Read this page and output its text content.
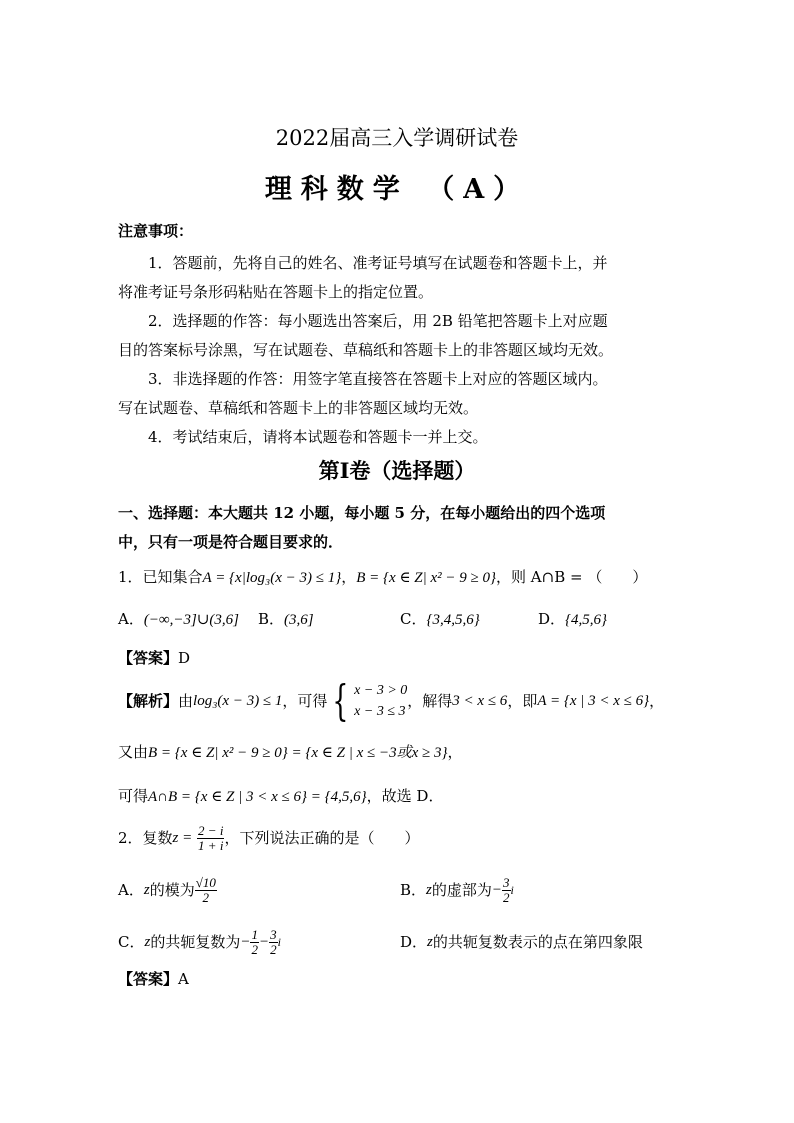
2022届高三入学调研试卷
理科数学 （A）
注意事项：
1．答题前，先将自己的姓名、准考证号填写在试题卷和答题卡上，并
将准考证号条形码粘贴在答题卡上的指定位置。
2．选择题的作答：每小题选出答案后，用 2B 铅笔把答题卡上对应题
目的答案标号涂黑，写在试题卷、草稿纸和答题卡上的非答题区域均无效。
3．非选择题的作答：用签字笔直接答在答题卡上对应的答题区域内。
写在试题卷、草稿纸和答题卡上的非答题区域均无效。
4．考试结束后，请将本试题卷和答题卡一并上交。
第Ⅰ卷（选择题）
一、选择题：本大题共 12 小题，每小题 5 分，在每小题给出的四个选项
中，只有一项是符合题目要求的．
1．已知集合A = {x|log₃(x − 3) ≤ 1}，B = {x ∈ Z| x² − 9 ≥ 0}，则 A∩B = （　　）
A．(−∞,−3]∪(3,6] B．(3,6]	C．{3,4,5,6}	D．{4,5,6}
【答案】D
【解析】 由 log₃(x − 3) ≤ 1 ，可得 { x − 3 > 0
x − 3 ≤ 3
，解得 3 < x ≤ 6 ，即 A = {x | 3 < x ≤ 6} ，
又由B = {x ∈ Z| x² − 9 ≥ 0} = {x ∈ Z | x ≤ −3或x ≥ 3}，
可得A∩B = {x ∈ Z | 3 < x ≤ 6} = {4,5,6}，故选 D．
2．复数 z =
$\frac{2 - i}{1 + i}$ ，下列说法正确的是（　　）
A． z 的模为 $\frac{√10}{2}$	B． z 的虚部为 − $\frac{3}{2}$ i
C． z 的共轭复数为 − $\frac{1}{2} - \frac{3}{2}$ i	D． z 的共轭复数表示的点在第四象限
【答案】A
